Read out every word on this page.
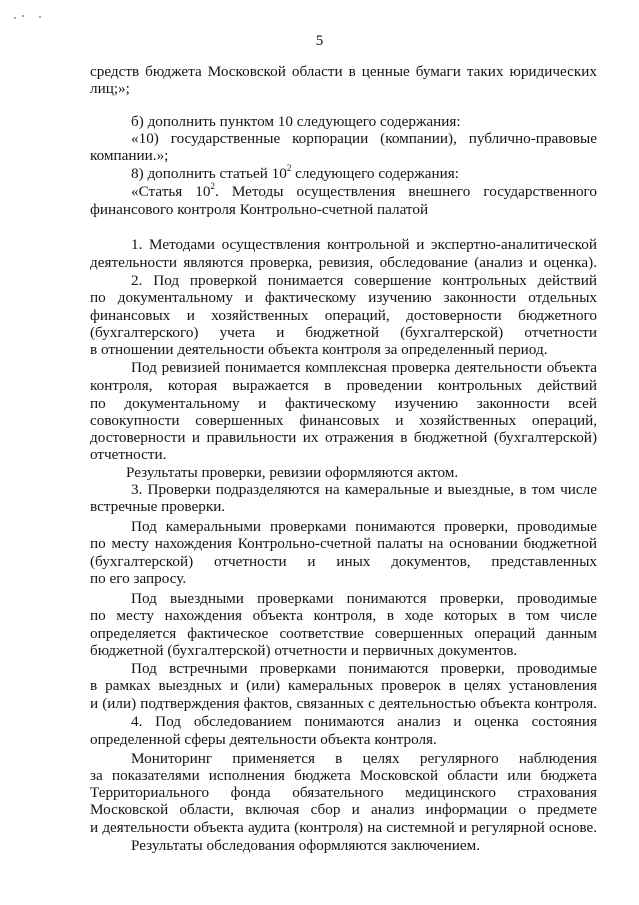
5
средств бюджета Московской области в ценные бумаги таких юридических
лиц;»;
б) дополнить пунктом 10 следующего содержания:
«10) государственные корпорации (компании), публично-правовые
компании.»;
8) дополнить статьей $10^2$ следующего содержания:
«Статья $10^2$. Методы осуществления внешнего государственного
финансового контроля Контрольно-счетной палатой
1. Методами осуществления контрольной и экспертно-аналитической
деятельности являются проверка, ревизия, обследование (анализ и оценка).
2. Под проверкой понимается совершение контрольных действий
по документальному и фактическому изучению законности отдельных
финансовых и хозяйственных операций, достоверности бюджетного
(бухгалтерского) учета и бюджетной (бухгалтерской) отчетности
в отношении деятельности объекта контроля за определенный период.
Под ревизией понимается комплексная проверка деятельности объекта
контроля, которая выражается в проведении контрольных действий
по документальному и фактическому изучению законности всей
совокупности совершенных финансовых и хозяйственных операций,
достоверности и правильности их отражения в бюджетной (бухгалтерской)
отчетности.
Результаты проверки, ревизии оформляются актом.
3. Проверки подразделяются на камеральные и выездные, в том числе
встречные проверки.
Под камеральными проверками понимаются проверки, проводимые
по месту нахождения Контрольно-счетной палаты на основании бюджетной
(бухгалтерской) отчетности и иных документов, представленных
по его запросу.
Под выездными проверками понимаются проверки, проводимые
по месту нахождения объекта контроля, в ходе которых в том числе
определяется фактическое соответствие совершенных операций данным
бюджетной (бухгалтерской) отчетности и первичных документов.
Под встречными проверками понимаются проверки, проводимые
в рамках выездных и (или) камеральных проверок в целях установления
и (или) подтверждения фактов, связанных с деятельностью объекта контроля.
4. Под обследованием понимаются анализ и оценка состояния
определенной сферы деятельности объекта контроля.
Мониторинг применяется в целях регулярного наблюдения
за показателями исполнения бюджета Московской области или бюджета
Территориального фонда обязательного медицинского страхования
Московской области, включая сбор и анализ информации о предмете
и деятельности объекта аудита (контроля) на системной и регулярной основе.
Результаты обследования оформляются заключением.
